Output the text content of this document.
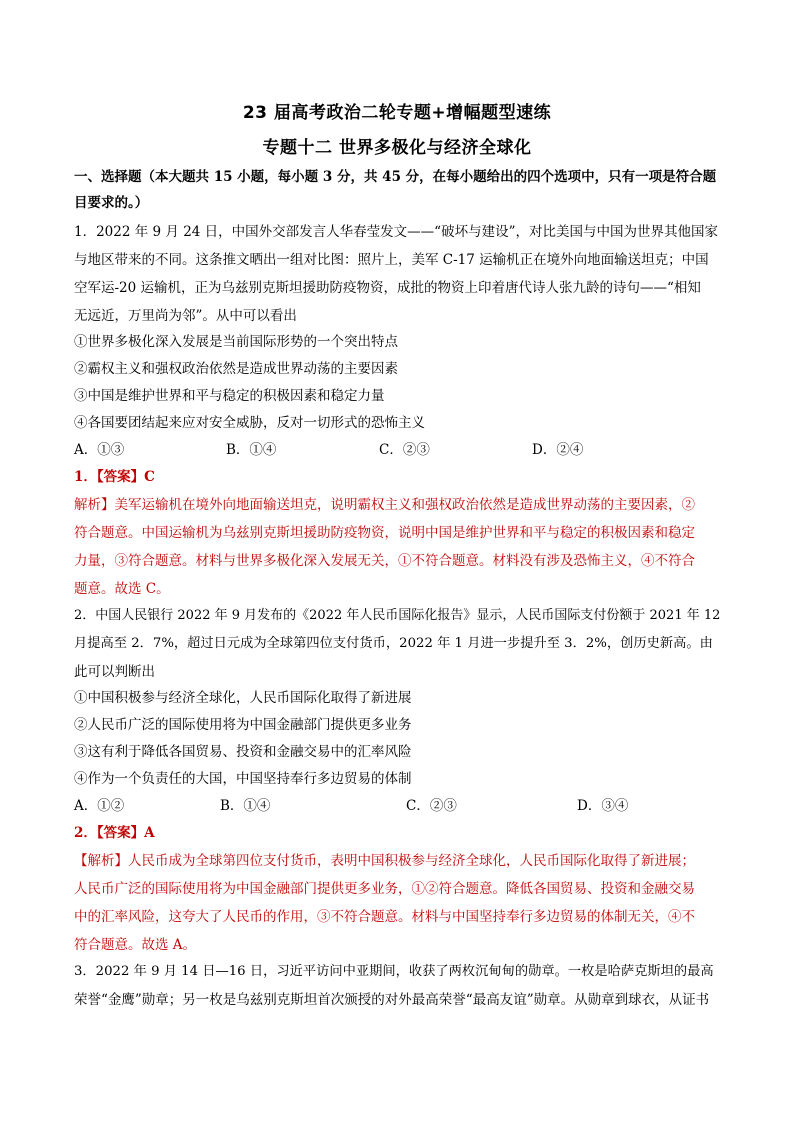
23 届高考政治二轮专题+增幅题型速练
专题十二 世界多极化与经济全球化
一、选择题（本大题共 15 小题，每小题 3 分，共 45 分，在每小题给出的四个选项中，只有一项是符合题
目要求的。）
1．2022 年 9 月 24 日，中国外交部发言人华春莹发文——“破坏与建设”，对比美国与中国为世界其他国家
与地区带来的不同。这条推文晒出一组对比图：照片上，美军 C-17 运输机正在境外向地面输送坦克；中国
空军运-20 运输机，正为乌兹别克斯坦援助防疫物资，成批的物资上印着唐代诗人张九龄的诗句——“相知
无远近，万里尚为邻”。从中可以看出
①世界多极化深入发展是当前国际形势的一个突出特点
②霸权主义和强权政治依然是造成世界动荡的主要因素
③中国是维护世界和平与稳定的积极因素和稳定力量
④各国要团结起来应对安全威胁，反对一切形式的恐怖主义
A．①③	B．①④	C．②③	D．②④
1．【答案】C
解析】美军运输机在境外向地面输送坦克，说明霸权主义和强权政治依然是造成世界动荡的主要因素，②
符合题意。中国运输机为乌兹别克斯坦援助防疫物资，说明中国是维护世界和平与稳定的积极因素和稳定
力量，③符合题意。材料与世界多极化深入发展无关，①不符合题意。材料没有涉及恐怖主义，④不符合
题意。故选 C。
2．中国人民银行 2022 年 9 月发布的《2022 年人民币国际化报告》显示，人民币国际支付份额于 2021 年 12
月提高至 2．7%，超过日元成为全球第四位支付货币，2022 年 1 月进一步提升至 3．2%，创历史新高。由
此可以判断出
①中国积极参与经济全球化，人民币国际化取得了新进展
②人民币广泛的国际使用将为中国金融部门提供更多业务
③这有利于降低各国贸易、投资和金融交易中的汇率风险
④作为一个负责任的大国，中国坚持奉行多边贸易的体制
A．①②	B．①④	C．②③	D．③④
2．【答案】A
【解析】人民币成为全球第四位支付货币，表明中国积极参与经济全球化，人民币国际化取得了新进展；
人民币广泛的国际使用将为中国金融部门提供更多业务，①②符合题意。降低各国贸易、投资和金融交易
中的汇率风险，这夸大了人民币的作用，③不符合题意。材料与中国坚持奉行多边贸易的体制无关，④不
符合题意。故选 A。
3．2022 年 9 月 14 日—16 日，习近平访问中亚期间，收获了两枚沉甸甸的勋章。一枚是哈萨克斯坦的最高
荣誉“金鹰”勋章；另一枚是乌兹别克斯坦首次颁授的对外最高荣誉“最高友谊”勋章。从勋章到球衣，从证书
